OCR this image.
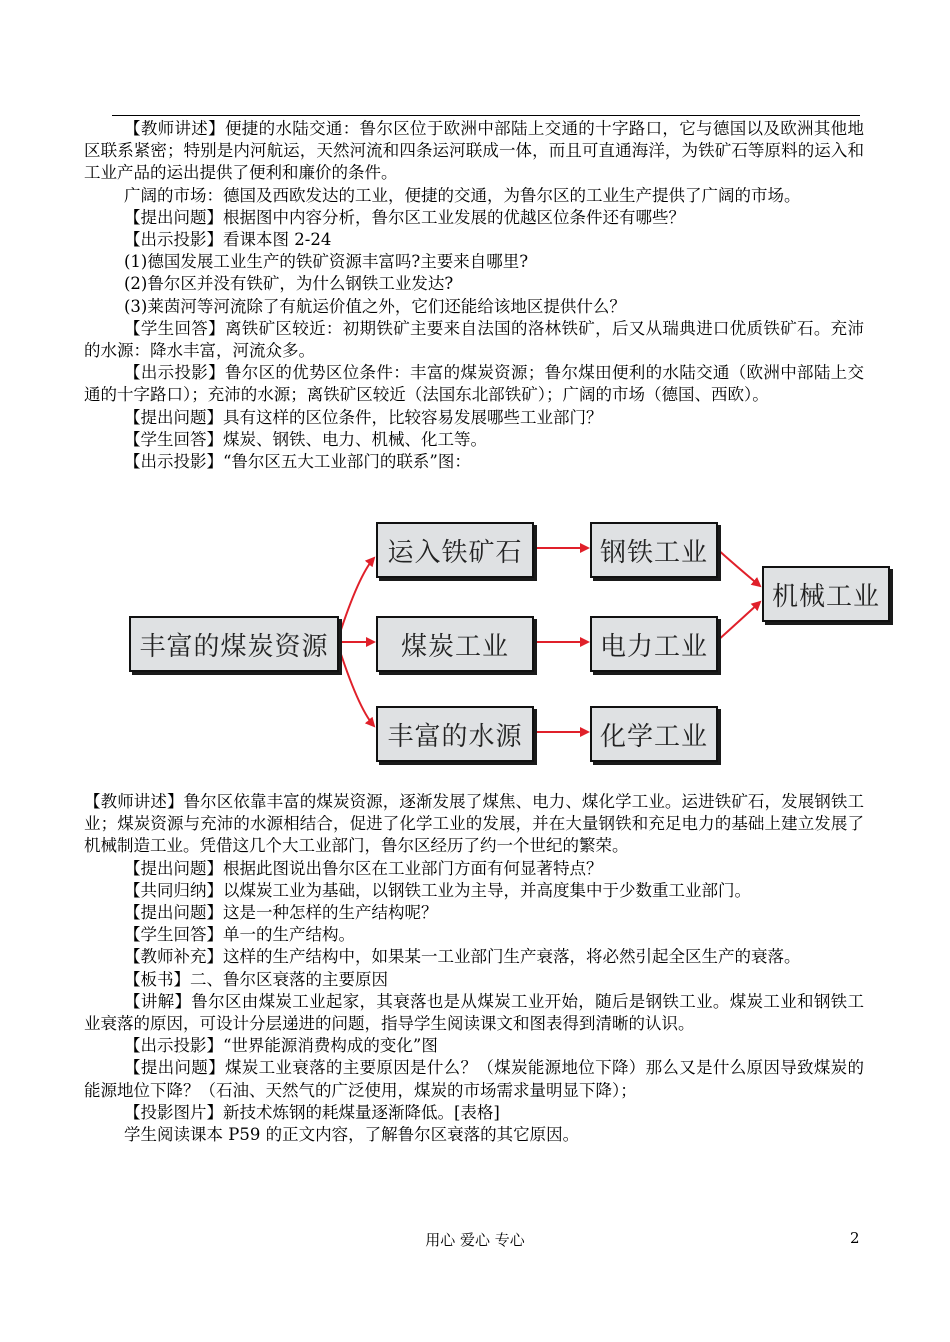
【教师讲述】便捷的水陆交通：鲁尔区位于欧洲中部陆上交通的十字路口，它与德国以及欧洲其他地区联系紧密；特别是内河航运，天然河流和四条运河联成一体，而且可直通海洋，为铁矿石等原料的运入和工业产品的运出提供了便利和廉价的条件。

广阔的市场：德国及西欧发达的工业，便捷的交通，为鲁尔区的工业生产提供了广阔的市场。

【提出问题】根据图中内容分析，鲁尔区工业发展的优越区位条件还有哪些？

【出示投影】看课本图 2-24

(1)德国发展工业生产的铁矿资源丰富吗?主要来自哪里?

(2)鲁尔区并没有铁矿，为什么钢铁工业发达?

(3)莱茵河等河流除了有航运价值之外，它们还能给该地区提供什么？

【学生回答】离铁矿区较近：初期铁矿主要来自法国的洛林铁矿，后又从瑞典进口优质铁矿石。充沛的水源：降水丰富，河流众多。

【出示投影】鲁尔区的优势区位条件：丰富的煤炭资源；鲁尔煤田便利的水陆交通（欧洲中部陆上交通的十字路口）；充沛的水源；离铁矿区较近（法国东北部铁矿）；广阔的市场（德国、西欧）。

【提出问题】具有这样的区位条件，比较容易发展哪些工业部门？

【学生回答】煤炭、钢铁、电力、机械、化工等。

【出示投影】“鲁尔区五大工业部门的联系”图：

运入铁矿石	钢铁工业
机械工业
丰富的煤炭资源	煤炭工业	电力工业
丰富的水源	化学工业

【教师讲述】鲁尔区依靠丰富的煤炭资源，逐渐发展了煤焦、电力、煤化学工业。运进铁矿石，发展钢铁工业；煤炭资源与充沛的水源相结合，促进了化学工业的发展，并在大量钢铁和充足电力的基础上建立发展了机械制造工业。凭借这几个大工业部门，鲁尔区经历了约一个世纪的繁荣。

【提出问题】根据此图说出鲁尔区在工业部门方面有何显著特点？

【共同归纳】以煤炭工业为基础，以钢铁工业为主导，并高度集中于少数重工业部门。

【提出问题】这是一种怎样的生产结构呢？

【学生回答】单一的生产结构。

【教师补充】这样的生产结构中，如果某一工业部门生产衰落，将必然引起全区生产的衰落。

【板书】二、鲁尔区衰落的主要原因

【讲解】鲁尔区由煤炭工业起家，其衰落也是从煤炭工业开始，随后是钢铁工业。煤炭工业和钢铁工业衰落的原因，可设计分层递进的问题，指导学生阅读课文和图表得到清晰的认识。

【出示投影】“世界能源消费构成的变化”图

【提出问题】煤炭工业衰落的主要原因是什么？（煤炭能源地位下降）那么又是什么原因导致煤炭的能源地位下降？（石油、天然气的广泛使用，煤炭的市场需求量明显下降）；

【投影图片】新技术炼钢的耗煤量逐渐降低。[表格]

学生阅读课本 P59 的正文内容，了解鲁尔区衰落的其它原因。

用心 爱心 专心	2
